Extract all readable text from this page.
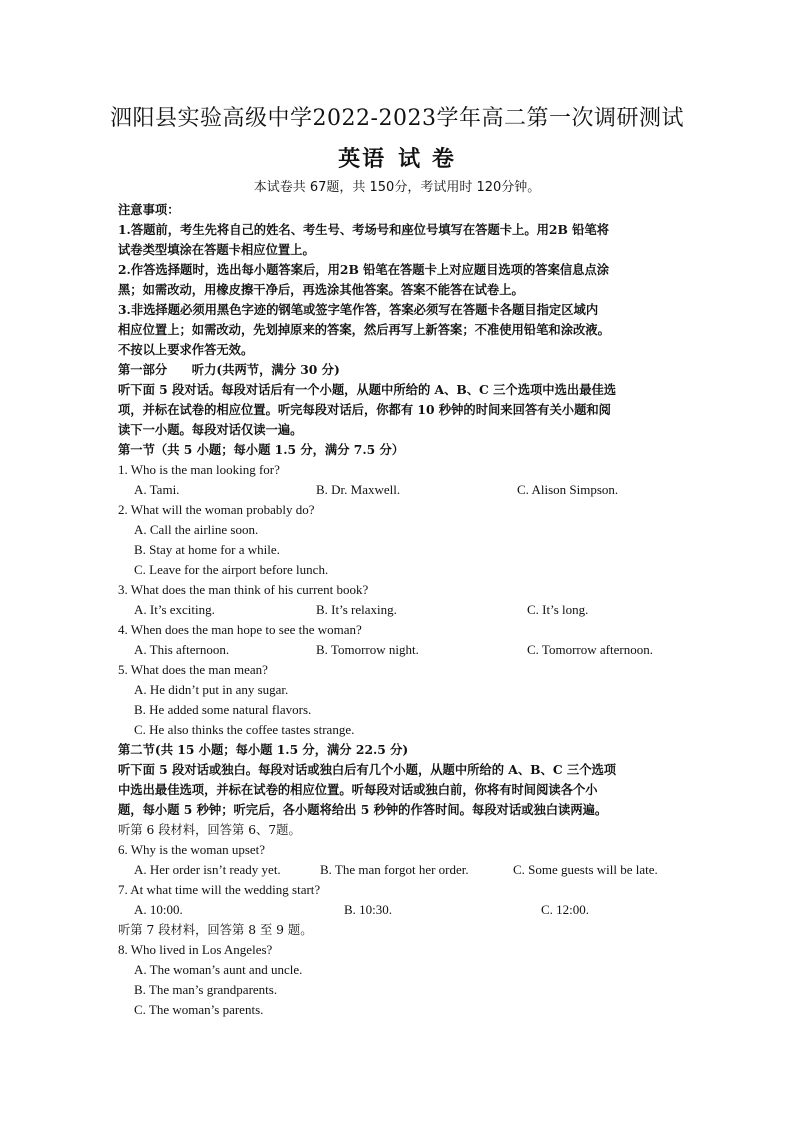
泗阳县实验高级中学2022-2023学年高二第一次调研测试
英语 试 卷
本试卷共 67题，共 150分，考试用时 120分钟。
注意事项：
1.答题前，考生先将自己的姓名、考生号、考场号和座位号填写在答题卡上。用2B 铅笔将
试卷类型填涂在答题卡相应位置上。
2.作答选择题时，选出每小题答案后，用2B 铅笔在答题卡上对应题目选项的答案信息点涂
黑；如需改动，用橡皮擦干净后，再选涂其他答案。答案不能答在试卷上。
3.非选择题必须用黑色字迹的钢笔或签字笔作答，答案必须写在答题卡各题目指定区域内
相应位置上；如需改动，先划掉原来的答案，然后再写上新答案；不准使用铅笔和涂改液。
不按以上要求作答无效。
第一部分　　听力(共两节，满分 30 分)
听下面 5 段对话。每段对话后有一个小题，从题中所给的 A、B、C 三个选项中选出最佳选
项，并标在试卷的相应位置。听完每段对话后，你都有 10 秒钟的时间来回答有关小题和阅
读下一小题。每段对话仅读一遍。
第一节（共 5 小题；每小题 1.5 分，满分 7.5 分）
1. Who is the man looking for?
A. Tami.	B. Dr. Maxwell.	C. Alison Simpson.
2. What will the woman probably do?
A. Call the airline soon.
B. Stay at home for a while.
C. Leave for the airport before lunch.
3. What does the man think of his current book?
A. It’s exciting.	B. It’s relaxing.	C. It’s long.
4. When does the man hope to see the woman?
A. This afternoon.	B. Tomorrow night.	C. Tomorrow afternoon.
5. What does the man mean?
A. He didn’t put in any sugar.
B. He added some natural flavors.
C. He also thinks the coffee tastes strange.
第二节(共 15 小题；每小题 1.5 分，满分 22.5 分)
听下面 5 段对话或独白。每段对话或独白后有几个小题，从题中所给的 A、B、C 三个选项
中选出最佳选项，并标在试卷的相应位置。听每段对话或独白前，你将有时间阅读各个小
题，每小题 5 秒钟；听完后，各小题将给出 5 秒钟的作答时间。每段对话或独白读两遍。
听第 6 段材料，回答第 6、7题。
6. Why is the woman upset?
A. Her order isn’t ready yet.	B. The man forgot her order.	C. Some guests will be late.
7. At what time will the wedding start?
A. 10:00.	B. 10:30.	C. 12:00.
听第 7 段材料，回答第 8 至 9 题。
8. Who lived in Los Angeles?
A. The woman’s aunt and uncle.
B. The man’s grandparents.
C. The woman’s parents.
